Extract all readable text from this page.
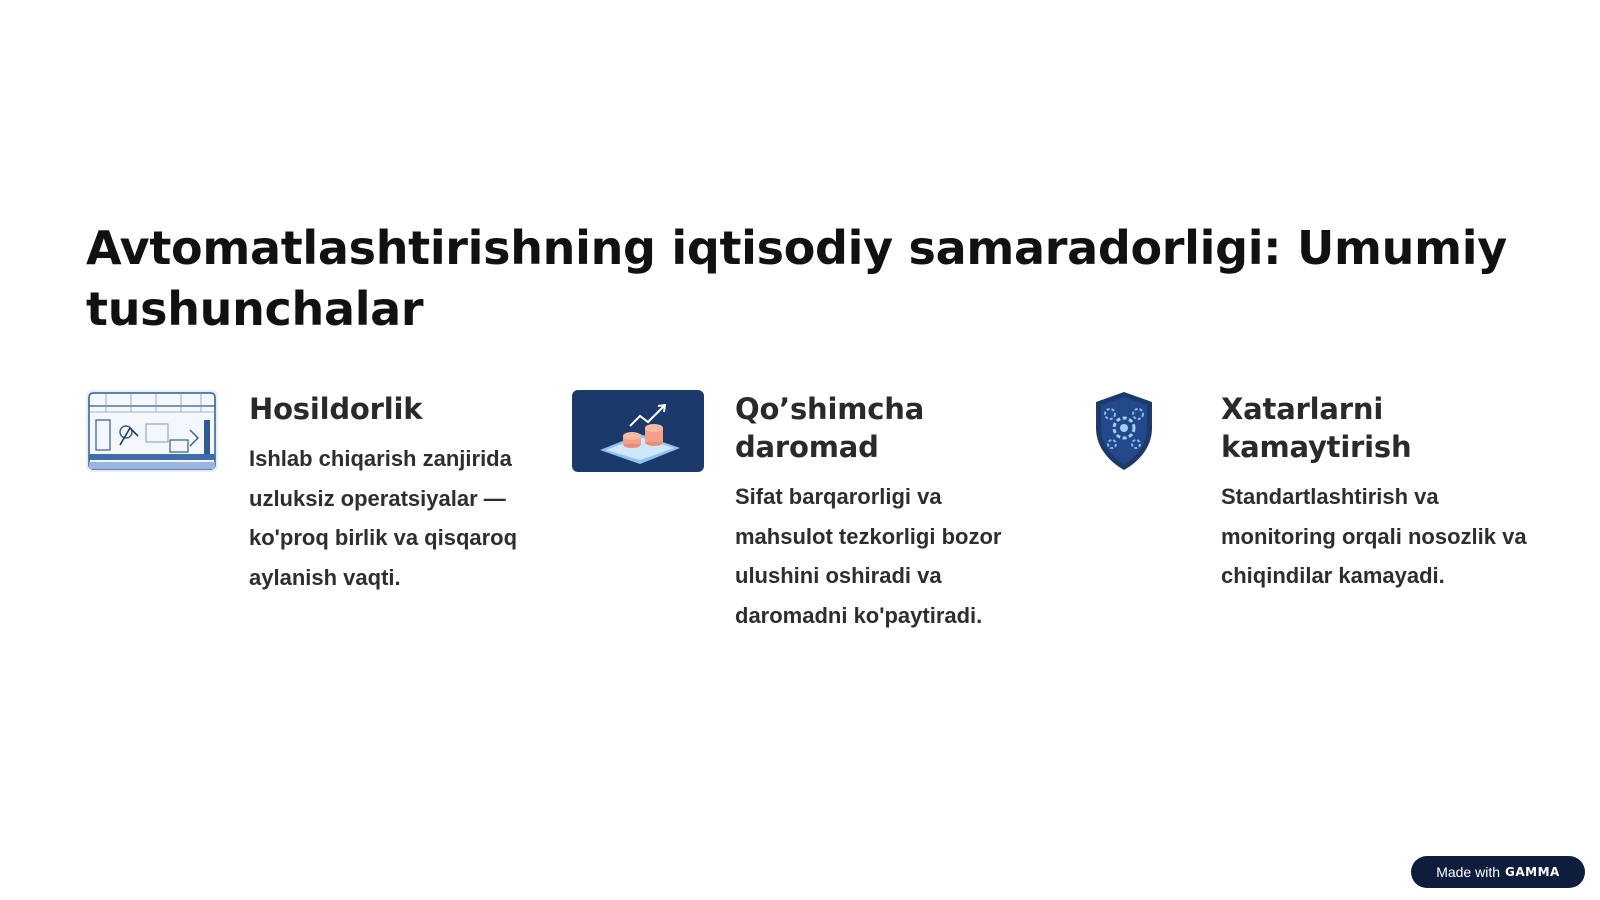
Avtomatlashtirishning iqtisodiy samaradorligi: Umumiy tushunchalar
Hosildorlik

Ishlab chiqarish zanjirida uzluksiz operatsiyalar — ko'proq birlik va qisqaroq aylanish vaqti.

Qo’shimcha daromad

Sifat barqarorligi va mahsulot tezkorligi bozor ulushini oshiradi va daromadni ko'paytiradi.

Xatarlarni kamaytirish

Standartlashtirish va monitoring orqali nosozlik va chiqindilar kamayadi.

Made with GAMMA
